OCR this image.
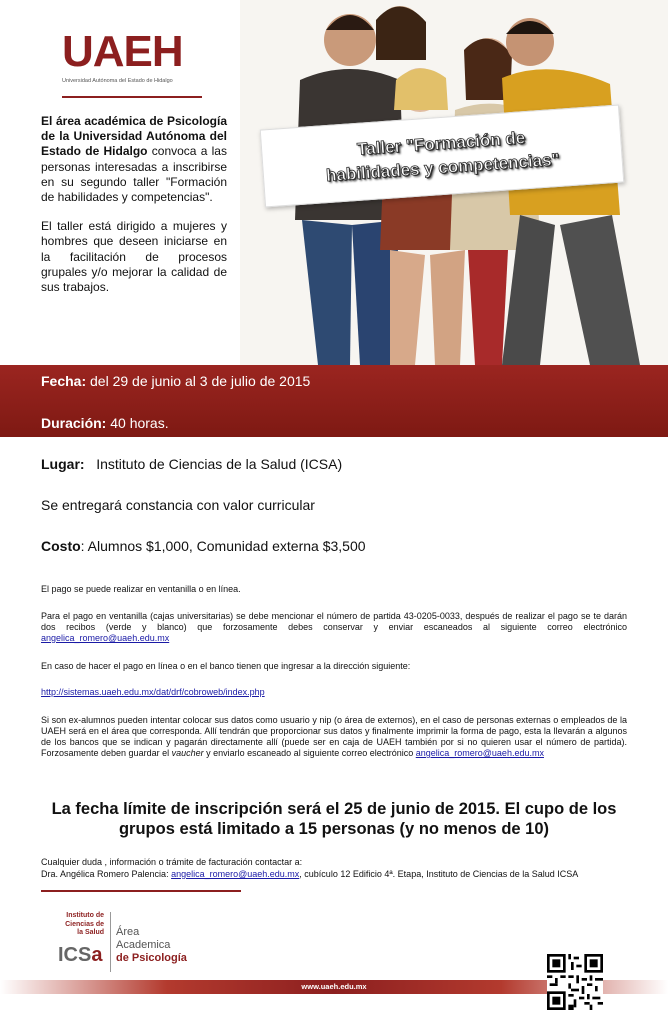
UAEH
Universidad Autónoma del Estado de Hidalgo

El área académica de Psicología de la Universidad Autónoma del Estado de Hidalgo convoca a las personas interesadas a inscribirse en su segundo taller "Formación de habilidades y competencias".

El taller está dirigido a mujeres y hombres que deseen iniciarse en la facilitación de procesos grupales y/o mejorar la calidad de sus trabajos.

Taller "Formación de habilidades y competencias"
Fecha: del 29 de junio al 3 de julio de 2015
Duración: 40 horas.
Lugar:   Instituto de Ciencias de la Salud (ICSA)
Se entregará constancia con valor curricular
Costo: Alumnos $1,000, Comunidad externa $3,500
El pago se puede realizar en ventanilla o en línea.
Para el pago en ventanilla (cajas universitarias) se debe mencionar el número de partida 43-0205-0033, después de realizar el pago se te darán dos recibos (verde y blanco) que forzosamente debes conservar y enviar escaneados al siguiente correo electrónico angelica_romero@uaeh.edu.mx
En caso de hacer el pago en línea o en el banco tienen que ingresar a la dirección siguiente:
http://sistemas.uaeh.edu.mx/dat/drf/cobroweb/index.php
Si son ex-alumnos pueden intentar colocar sus datos como usuario y nip (o área de externos), en el caso de personas externas o empleados de la UAEH será en el área que corresponda. Allí tendrán que proporcionar sus datos y finalmente imprimir la forma de pago, esta la llevarán a algunos de los bancos que se indican y pagarán directamente allí (puede ser en caja de UAEH también por si no quieren usar el número de partida). Forzosamente deben guardar el vaucher y enviarlo escaneado al siguiente correo electrónico angelica_romero@uaeh.edu.mx
La fecha límite de inscripción será el 25 de junio de 2015. El cupo de los grupos está limitado a 15 personas (y no menos de 10)
Cualquier duda , información o trámite de facturación contactar a:
Dra. Angélica Romero Palencia: angelica_romero@uaeh.edu.mx, cubículo 12 Edificio 4ª. Etapa, Instituto de Ciencias de la Salud ICSA
Instituto de Ciencias de la Salud
ICSa
Área
Academica
de Psicología
www.uaeh.edu.mx
